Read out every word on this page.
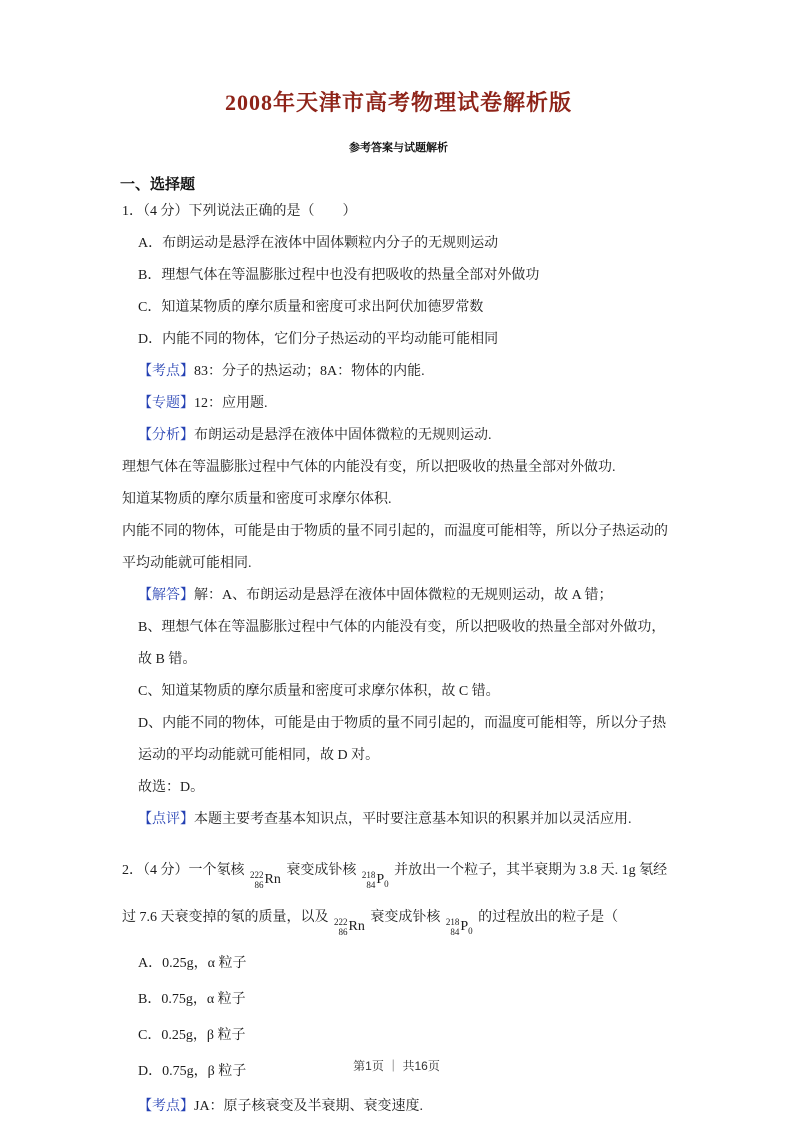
2008年天津市高考物理试卷解析版
参考答案与试题解析
一、选择题

1．（4 分）下列说法正确的是（　　）

A．布朗运动是悬浮在液体中固体颗粒内分子的无规则运动

B．理想气体在等温膨胀过程中也没有把吸收的热量全部对外做功

C．知道某物质的摩尔质量和密度可求出阿伏加德罗常数

D．内能不同的物体，它们分子热运动的平均动能可能相同

【考点】83：分子的热运动；8A：物体的内能.

【专题】12：应用题.

【分析】布朗运动是悬浮在液体中固体微粒的无规则运动.

理想气体在等温膨胀过程中气体的内能没有变，所以把吸收的热量全部对外做功.

知道某物质的摩尔质量和密度可求摩尔体积.

内能不同的物体，可能是由于物质的量不同引起的，而温度可能相等，所以分子热运动的平均动能就可能相同.

【解答】解：A、布朗运动是悬浮在液体中固体微粒的无规则运动，故 A 错；

B、理想气体在等温膨胀过程中气体的内能没有变，所以把吸收的热量全部对外做功，故 B 错。

C、知道某物质的摩尔质量和密度可求摩尔体积，故 C 错。

D、内能不同的物体，可能是由于物质的量不同引起的，而温度可能相等，所以分子热运动的平均动能就可能相同，故 D 对。

故选：D。

【点评】本题主要考查基本知识点，平时要注意基本知识的积累并加以灵活应用.

2．（4 分）一个氡核 222
86 Rn
衰变成钋核 218
84 P 0
并放出一个粒子，其半衰期为 3.8 天. 1g 氡经过 7.6 天衰变掉的氡的质量，以及 222
86 Rn
衰变成钋核 218
84 P 0
的过程放出的粒子是（

A．0.25g，α 粒子B．0.75g，α 粒子

C．0.25g，β 粒子D．0.75g，β 粒子

【考点】JA：原子核衰变及半衰期、衰变速度.

第1页 ｜ 共16页
